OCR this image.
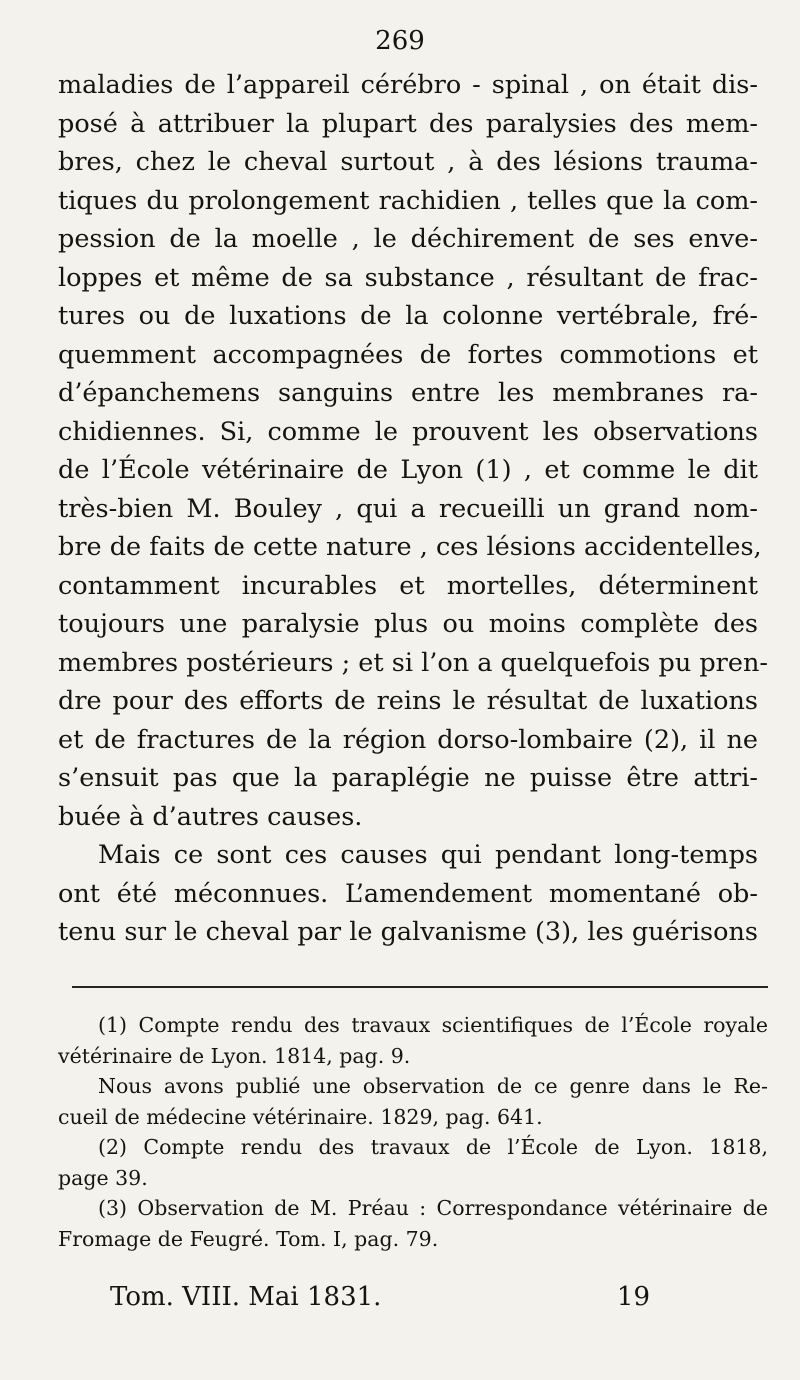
269
maladies de l’appareil cérébro - spinal , on était dis-
posé à attribuer la plupart des paralysies des mem-
bres, chez le cheval surtout , à des lésions trauma-
tiques du prolongement rachidien , telles que la com-
pession de la moelle , le déchirement de ses enve-
loppes et même de sa substance , résultant de frac-
tures ou de luxations de la colonne vertébrale, fré-
quemment accompagnées de fortes commotions et
d’épanchemens sanguins entre les membranes ra-
chidiennes. Si, comme le prouvent les observations
de l’École vétérinaire de Lyon (1) , et comme le dit
très-bien M. Bouley , qui a recueilli un grand nom-
bre de faits de cette nature , ces lésions accidentelles,
contamment incurables et mortelles, déterminent
toujours une paralysie plus ou moins complète des
membres postérieurs ; et si l’on a quelquefois pu pren-
dre pour des efforts de reins le résultat de luxations
et de fractures de la région dorso-lombaire (2), il ne
s’ensuit pas que la paraplégie ne puisse être attri-
buée à d’autres causes.
Mais ce sont ces causes qui pendant long-temps
ont été méconnues. L’amendement momentané ob-
tenu sur le cheval par le galvanisme (3), les guérisons
(1) Compte rendu des travaux scientifiques de l’École royale
vétérinaire de Lyon. 1814, pag. 9.
Nous avons publié une observation de ce genre dans le Re-
cueil de médecine vétérinaire. 1829, pag. 641.
(2) Compte rendu des travaux de l’École de Lyon. 1818,
page 39.
(3) Observation de M. Préau : Correspondance vétérinaire de
Fromage de Feugré. Tom. I, pag. 79.
Tom. VIII. Mai 1831.	19
